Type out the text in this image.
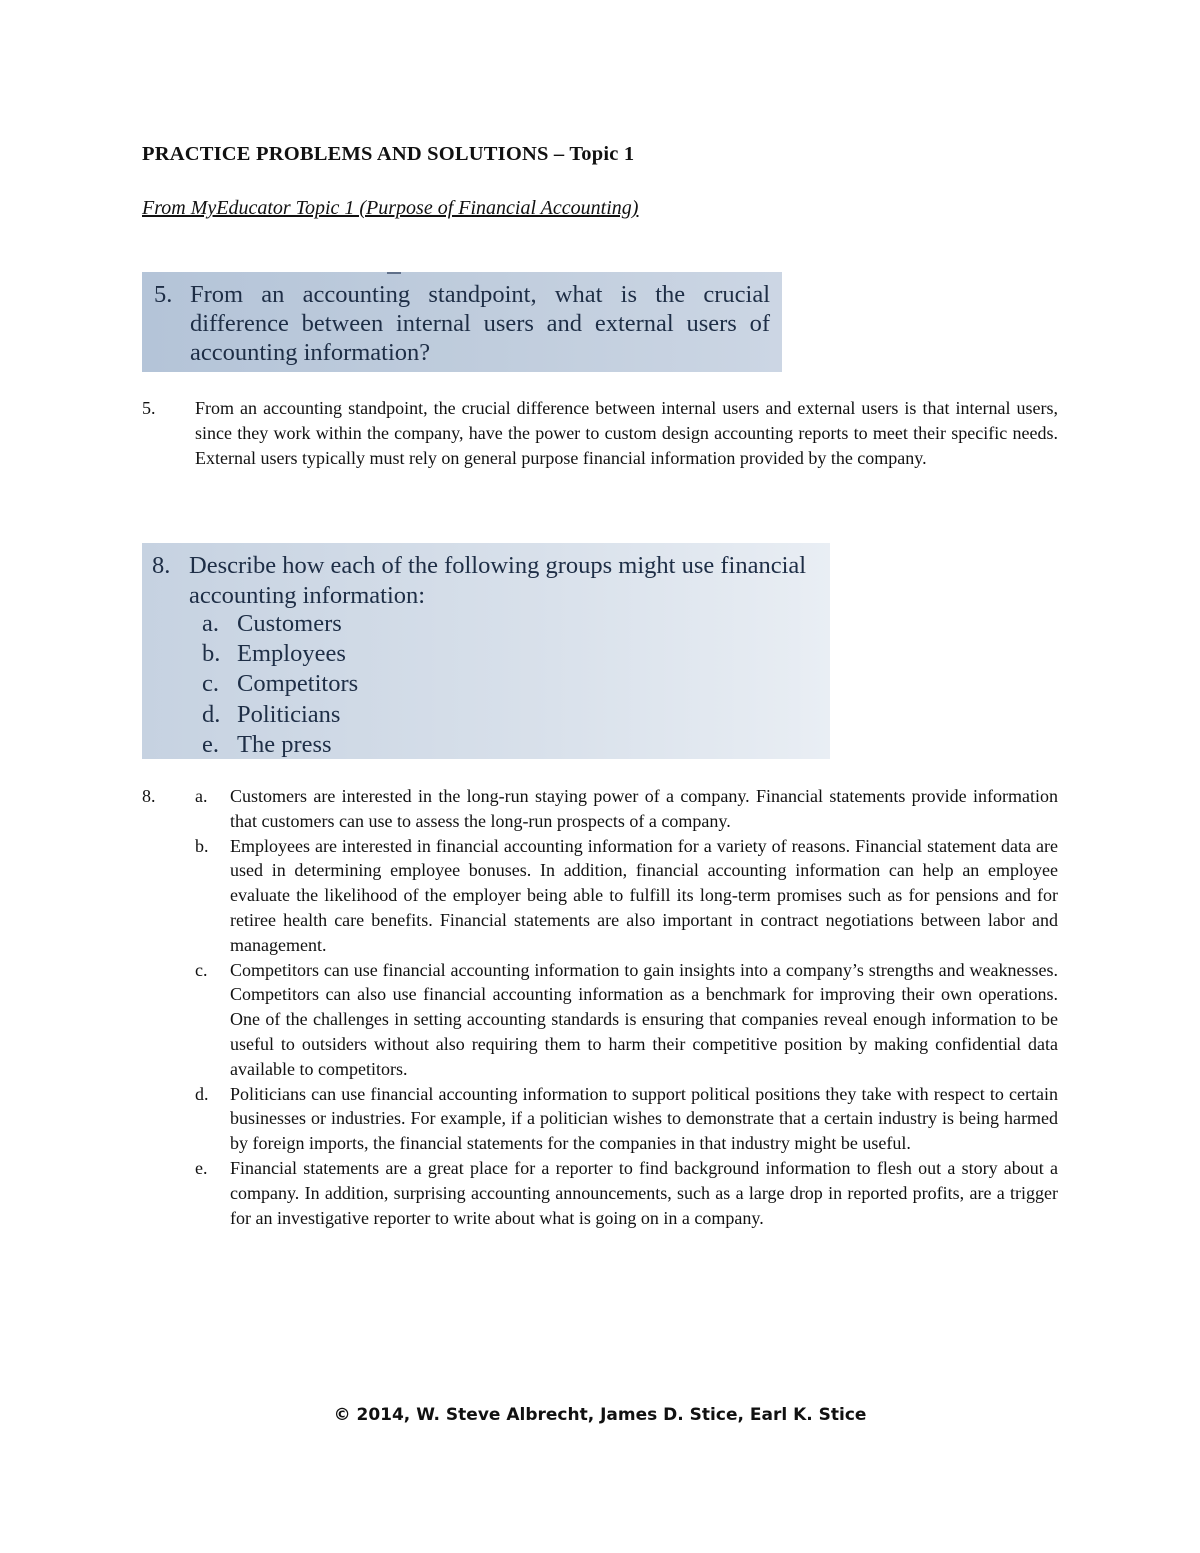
PRACTICE PROBLEMS AND SOLUTIONS – Topic 1
From MyEducator Topic 1 (Purpose of Financial Accounting)
5. From an accounting standpoint, what is the crucial difference between internal users and external users of accounting information?
5. From an accounting standpoint, the crucial difference between internal users and external users is that internal users, since they work within the company, have the power to custom design accounting reports to meet their specific needs. External users typically must rely on general purpose financial information provided by the company.
8. Describe how each of the following groups might use financial accounting information:
a. Customers
b. Employees
c. Competitors
d. Politicians
e. The press
8. a. Customers are interested in the long-run staying power of a company. Financial statements provide information that customers can use to assess the long-run prospects of a company.
b. Employees are interested in financial accounting information for a variety of reasons. Financial statement data are used in determining employee bonuses. In addition, financial accounting information can help an employee evaluate the likelihood of the employer being able to fulfill its long-term promises such as for pensions and for retiree health care benefits. Financial statements are also important in contract negotiations between labor and management.
c. Competitors can use financial accounting information to gain insights into a company’s strengths and weaknesses. Competitors can also use financial accounting information as a benchmark for improving their own operations. One of the challenges in setting accounting standards is ensuring that companies reveal enough information to be useful to outsiders without also requiring them to harm their competitive position by making confidential data available to competitors.
d. Politicians can use financial accounting information to support political positions they take with respect to certain businesses or industries. For example, if a politician wishes to demonstrate that a certain industry is being harmed by foreign imports, the financial statements for the companies in that industry might be useful.
e. Financial statements are a great place for a reporter to find background information to flesh out a story about a company. In addition, surprising accounting announcements, such as a large drop in reported profits, are a trigger for an investigative reporter to write about what is going on in a company.
© 2014, W. Steve Albrecht, James D. Stice, Earl K. Stice
